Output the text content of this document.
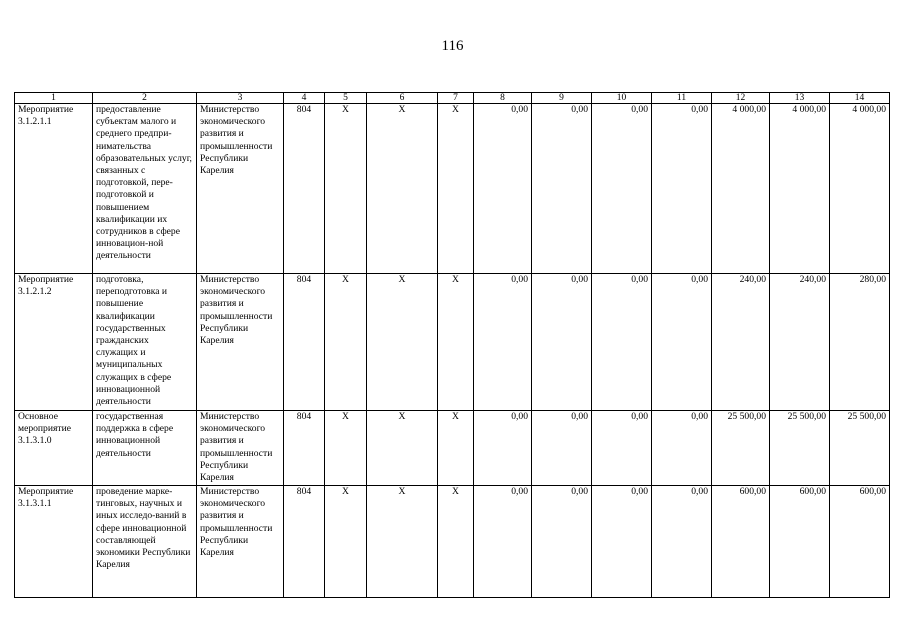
116
1	2	3	4	5	6	7	8	9	10	11	12	13	14
Мероприятие 3.1.2.1.1	предоставление субъектам малого и среднего предпри-нимательства образовательных услуг, связанных с подготовкой, пере-подготовкой и повышением квалификации их сотрудников в сфере инновацион-ной деятельности	Министерство экономического развития и промышленности Республики Карелия	804	Х	Х	Х	0,00	0,00	0,00	0,00	4 000,00	4 000,00	4 000,00
Мероприятие 3.1.2.1.2	подготовка, переподготовка и повышение квалификации государственных гражданских служащих и муниципальных служащих в сфере инновационной деятельности	Министерство экономического развития и промышленности Республики Карелия	804	Х	Х	Х	0,00	0,00	0,00	0,00	240,00	240,00	280,00
Основное мероприятие 3.1.3.1.0	государственная поддержка в сфере инновационной деятельности	Министерство экономического развития и промышленности Республики Карелия	804	Х	Х	Х	0,00	0,00	0,00	0,00	25 500,00	25 500,00	25 500,00
Мероприятие 3.1.3.1.1	проведение марке-тинговых, научных и иных исследо-ваний в сфере инновационной составляющей экономики Республики Карелия	Министерство экономического развития и промышленности Республики Карелия	804	Х	Х	Х	0,00	0,00	0,00	0,00	600,00	600,00	600,00
